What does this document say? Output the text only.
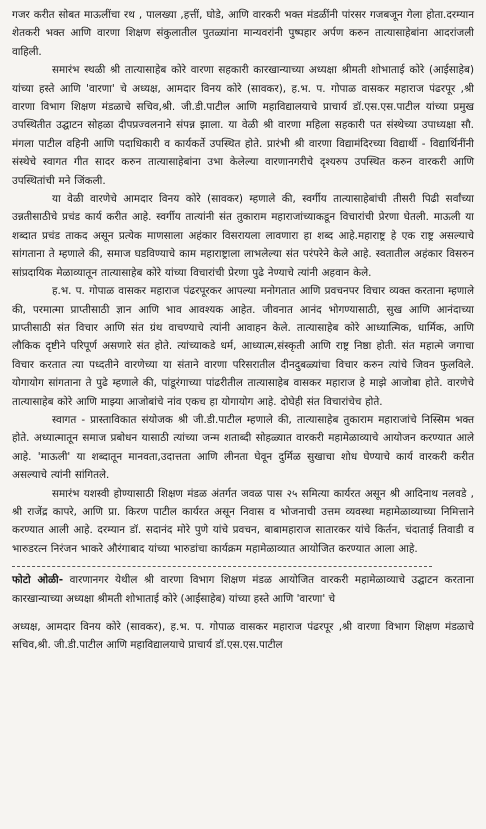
गजर करीत सोबत माऊलींचा रथ , पालख्या ,हत्तीं, घोडे, आणि वारकरी भक्त मंडळींनी पांरसर गजबजून गेला होता.दरम्यान शेतकरी भक्त आणि वारणा शिक्षण संकुलातील पुतळ्यांना मान्यवरांनी पुष्पहार अर्पण करुन तात्यासाहेबांना आदरांजली वाहिली.

समारंभ स्थळी श्री तात्यासाहेब कोरे वारणा सहकारी कारखान्याच्या अध्यक्षा श्रीमती शोभाताई कोरे (आईसाहेब) यांच्या हस्ते आणि 'वारणा' चे अध्यक्ष, आमदार विनय कोरे (सावकर), ह.भ. प. गोपाळ वासकर महाराज पंढरपूर ,श्री वारणा विभाग शिक्षण मंडळाचे सचिव,श्री. जी.डी.पाटील आणि महाविद्यालयाचे प्राचार्य डॉ.एस.एस.पाटील यांच्या प्रमुख उपस्थितीत उद्घाटन सोहळा दीपप्रज्वलनाने संपन्न झाला. या वेळी श्री वारणा महिला सहकारी पत संस्थेच्या उपाध्यक्षा सौ. मंगला पाटील वहिनी आणि पदाधिकारी व कार्यकर्ते उपस्थित होते. प्रारंभी श्री वारणा विद्यामंदिरच्या विद्यार्थी - विद्यार्थिनींनी संस्थेचे स्वागत गीत सादर करुन तात्यासाहेबांना उभा केलेल्या वारणानगरीचे दृश्यरुप उपस्थित करुन वारकरी आणि उपस्थितांची मने जिंकली.

या वेळी वारणेचे आमदार विनय कोरे (सावकर) म्हणाले की, स्वर्गीय तात्यासाहेबांची तीसरी पिढी सर्वांच्या उन्नतीसाठीचे प्रचंड कार्य करीत आहे. स्वर्गीय तात्यांनी संत तुकाराम महाराजांच्याकडून विचारांची प्रेरणा घेतली. माऊली या शब्दात प्रचंड ताकद असून प्रत्येक माणसाला अहंकार विसरायला लावणारा हा शब्द आहे.महाराष्ट्र हे एक राष्ट्र असल्याचे सांगताना ते म्हणाले की, समाज घडविण्याचे काम महाराष्ट्राला लाभलेल्या संत परंपरेने केले आहे. स्वतातील अहंकार विसरुन सांप्रदायिक मेळाव्यातून तात्यासाहेब कोरे यांच्या विचारांची प्रेरणा पुढे नेण्याचे त्यांनी अहवान केले.

ह.भ. प. गोपाळ वासकर महाराज पंढरपूरकर आपल्या मनोगतात आणि प्रवचनपर विचार व्यक्त करताना म्हणाले की, परमात्मा प्राप्तीसाठी ज्ञान आणि भाव आवश्यक आहेत. जीवनात आनंद भोगण्यासाठी, सुख आणि आनंदाच्या प्राप्तीसाठी संत विचार आणि संत ग्रंथ वाचण्याचे त्यांनी आवाहन केले. तात्यासाहेब कोरे आध्यात्मिक, धार्मिक, आणि लौकिक दृष्टीने परिपूर्ण असणारे संत होते. त्यांच्याकडे धर्म, आध्यात्म,संस्कृती आणि राष्ट्र निष्ठा होती. संत महात्मे जगाचा विचार करतात त्या पध्दतीने वारणेच्या या संताने वारणा परिसरातील दीनदुबळ्यांचा विचार करुन त्यांचे जिवन फुलविले. योगायोग सांगताना ते पुढे म्हणाले की, पांडूरंगाच्या पांढरीतील तात्यासाहेब वासकर महाराज हे माझे आजोबा होते. वारणेचे तात्यासाहेब कोरे आणि माझ्या आजोबांचे नांव एकच हा योगायोग आहे. दोघेही संत विचारांचेच होते.

स्वागत - प्रास्ताविकात संयोजक श्री जी.डी.पाटील म्हणाले की, तात्यासाहेब तुकाराम महाराजांचे निस्सिम भक्त होते. अध्यात्मातून समाज प्रबोधन यासाठी त्यांच्या जन्म शताब्दी सोहळ्यात वारकरी महामेळाव्याचे आयोजन करण्यात आले आहे. 'माऊली' या शब्दातून मानवता,उदात्तता आणि लीनता घेवून दुर्मिळ सुखाचा शोध घेण्याचे कार्य वारकरी करीत असल्याचे त्यांनी सांगितले.

समारंभ यशस्वी होण्यासाठी शिक्षण मंडळ अंतर्गत जवळ पास २५ समित्या कार्यरत असून श्री आदिनाथ नलवडे , श्री राजेंद्र कापरे, आणि प्रा. किरण पाटील कार्यरत असून निवास व भोजनाची उत्तम व्यवस्था महामेळाव्याच्या निमित्ताने करण्यात आली आहे. दरम्यान डॉ. सदानंद मोरे पुणे यांचे प्रवचन, बाबामहाराज सातारकर यांचे किर्तन, चंदाताई तिवाडी व भारुडरत्न निरंजन भाकरे औरंगाबाद यांच्या भारुडांचा कार्यक्रम महामेळाव्यात आयोजित करण्यात आला आहे.

फोटो ओळी- वारणानगर येथील श्री वारणा विभाग शिक्षण मंडळ आयोजित वारकरी महामेळाव्याचे उद्घाटन करताना कारखान्याच्या अध्यक्षा श्रीमती शोभाताई कोरे (आईसाहेब) यांच्या हस्ते आणि 'वारणा' चे

अध्यक्ष, आमदार विनय कोरे (सावकर), ह.भ. प. गोपाळ वासकर महाराज पंढरपूर ,श्री वारणा विभाग शिक्षण मंडळाचे सचिव,श्री. जी.डी.पाटील आणि महाविद्यालयाचे प्राचार्य डॉ.एस.एस.पाटील
